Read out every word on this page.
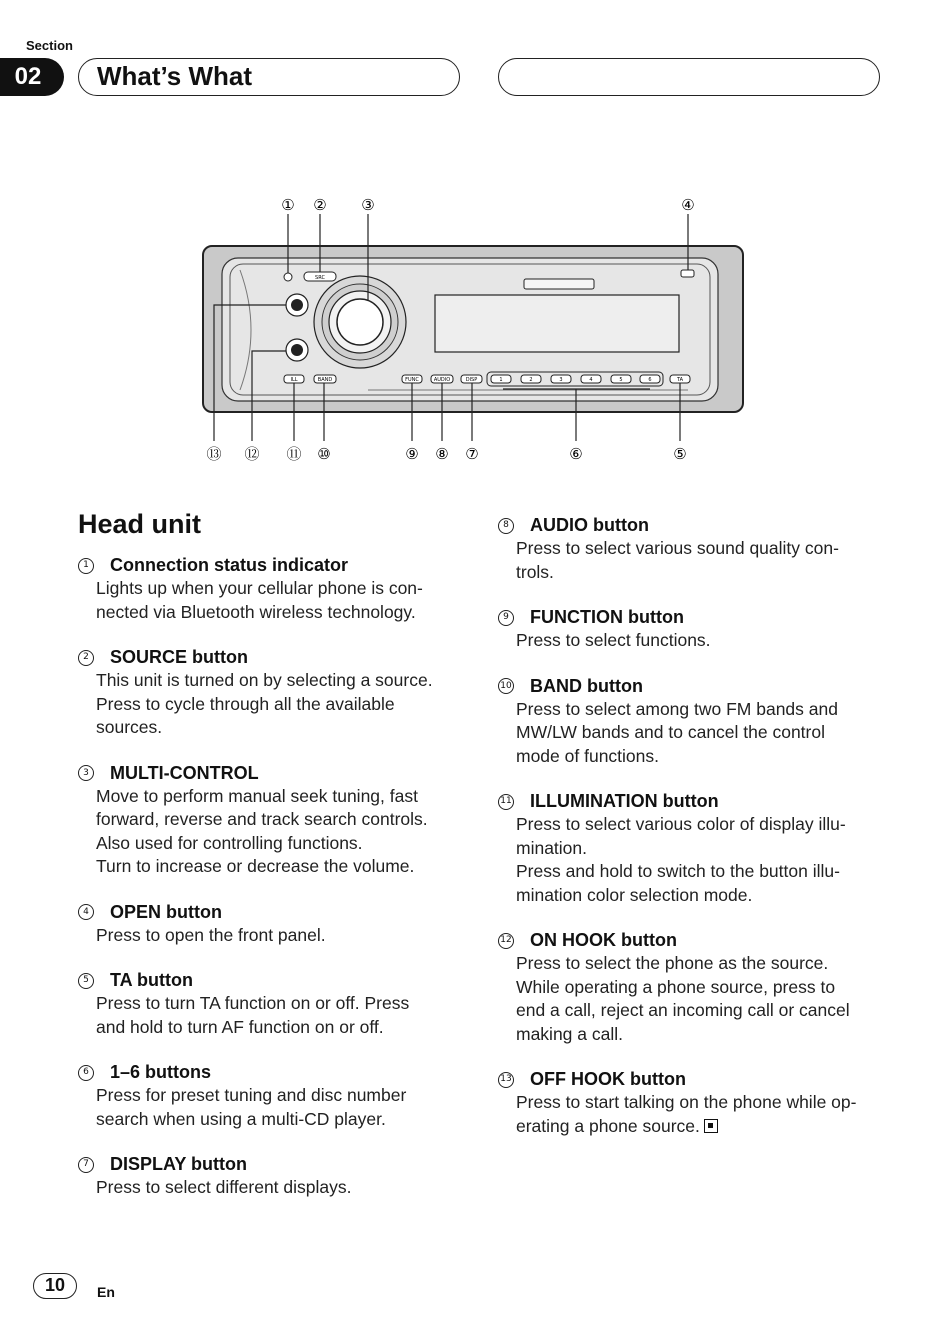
Section
02	What’s What
SRC
ILL	BAND	FUNC	AUDIO	DISP	1	2	3	4	5	6	TA
① ② ③	④
⑤
⑥
⑦
⑧
⑨
⑩
⑪
⑫
⑬
Head unit
1 Connection status indicator
Lights up when your cellular phone is con-
nected via Bluetooth wireless technology.
2 SOURCE button
This unit is turned on by selecting a source.
Press to cycle through all the available
sources.
3 MULTI-CONTROL
Move to perform manual seek tuning, fast
forward, reverse and track search controls.
Also used for controlling functions.
Turn to increase or decrease the volume.
4 OPEN button
Press to open the front panel.
5 TA button
Press to turn TA function on or off. Press
and hold to turn AF function on or off.
6 1–6 buttons
Press for preset tuning and disc number
search when using a multi-CD player.
7 DISPLAY button
Press to select different displays.
8 AUDIO button
Press to select various sound quality con-
trols.
9 FUNCTION button
Press to select functions.
10 BAND button
Press to select among two FM bands and
MW/LW bands and to cancel the control
mode of functions.
11 ILLUMINATION button
Press to select various color of display illu-
mination.
Press and hold to switch to the button illu-
mination color selection mode.
12 ON HOOK button
Press to select the phone as the source.
While operating a phone source, press to
end a call, reject an incoming call or cancel
making a call.
13 OFF HOOK button
Press to start talking on the phone while op-
erating a phone source.
10	En
